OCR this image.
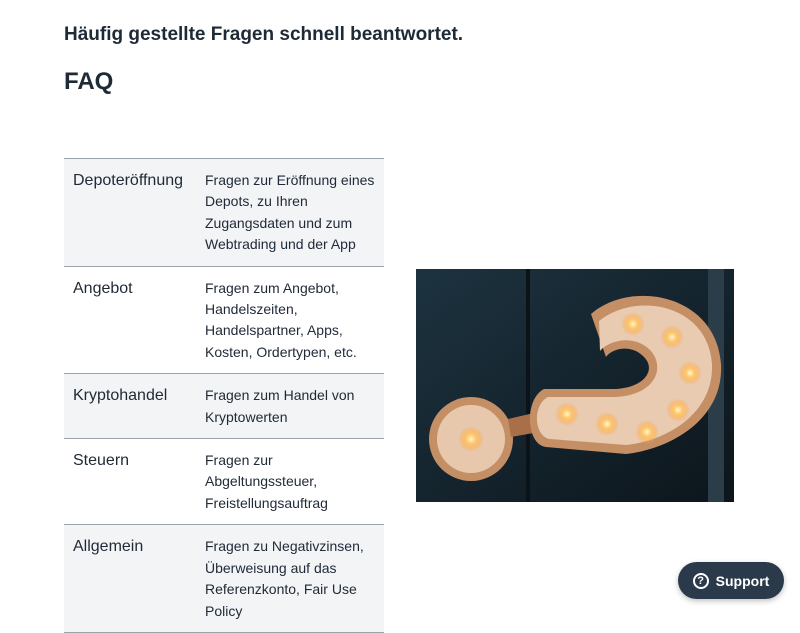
Häufig gestellte Fragen schnell beantwortet.
FAQ
Depoteröffnung	Fragen zur Eröffnung eines Depots, zu Ihren Zugangsdaten und zum Webtrading und der App
Angebot	Fragen zum Angebot, Handelszeiten, Handelspartner, Apps, Kosten, Ordertypen, etc.
Kryptohandel	Fragen zum Handel von Kryptowerten
Steuern	Fragen zur Abgeltungssteuer, Freistellungsauftrag
Allgemein	Fragen zu Negativzinsen, Überweisung auf das Referenzkonto, Fair Use Policy
? Support
